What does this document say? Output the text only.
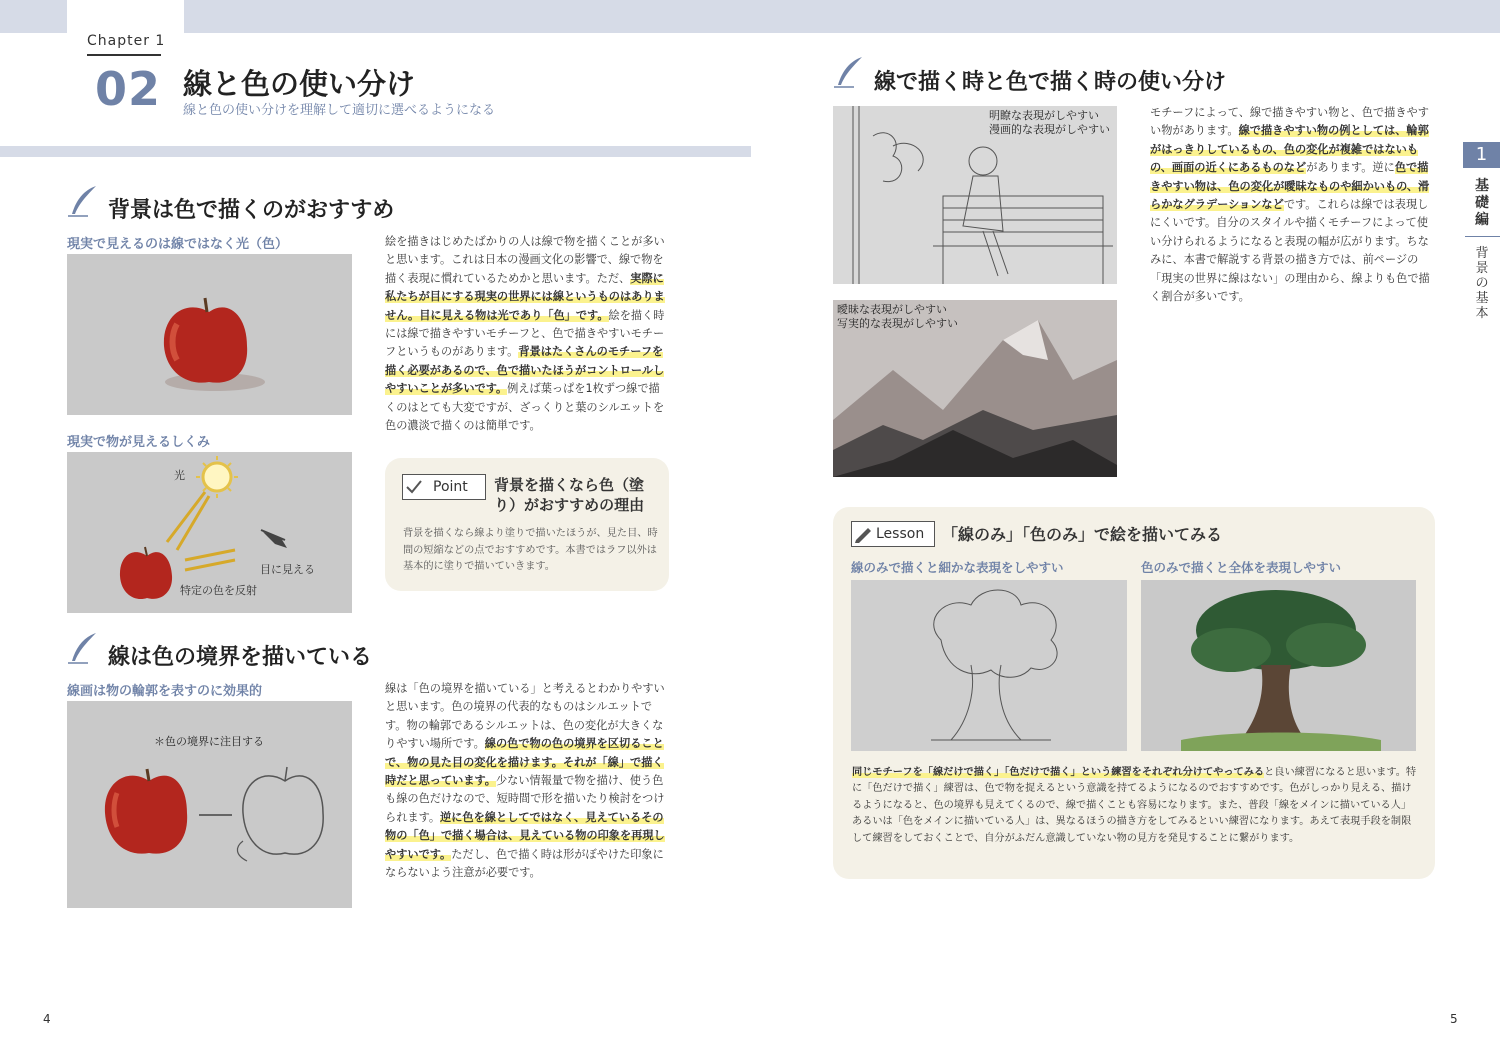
Chapter 1
02 線と色の使い分け
線と色の使い分けを理解して適切に選べるようになる
背景は色で描くのがおすすめ
現実で見えるのは線ではなく光（色）
現実で物が見えるしくみ
光
特定の色を反射
目に見える
絵を描きはじめたばかりの人は線で物を描くことが多いと思います。これは日本の漫画文化の影響で、線で物を描く表現に慣れているためかと思います。ただ、実際に私たちが目にする現実の世界には線というものはありません。目に見える物は光であり「色」です。絵を描く時には線で描きやすいモチーフと、色で描きやすいモチーフというものがあります。背景はたくさんのモチーフを描く必要があるので、色で描いたほうがコントロールしやすいことが多いです。例えば葉っぱを1枚ずつ線で描くのはとても大変ですが、ざっくりと葉のシルエットを色の濃淡で描くのは簡単です。
Point 背景を描くなら色（塗り）がおすすめの理由
背景を描くなら線より塗りで描いたほうが、見た目、時間の短縮などの点でおすすめです。本書ではラフ以外は基本的に塗りで描いていきます。
線は色の境界を描いている
線画は物の輪郭を表すのに効果的
＊色の境界に注目する
線は「色の境界を描いている」と考えるとわかりやすいと思います。色の境界の代表的なものはシルエットです。物の輪郭であるシルエットは、色の変化が大きくなりやすい場所です。線の色で物の色の境界を区切ることで、物の見た目の変化を描けます。それが「線」で描く時だと思っています。少ない情報量で物を描け、使う色も線の色だけなので、短時間で形を描いたり検討をつけられます。逆に色を線としてではなく、見えているその物の「色」で描く場合は、見えている物の印象を再現しやすいです。ただし、色で描く時は形がぼやけた印象にならないよう注意が必要です。
4
線で描く時と色で描く時の使い分け
明瞭な表現がしやすい
漫画的な表現がしやすい
曖昧な表現がしやすい
写実的な表現がしやすい
モチーフによって、線で描きやすい物と、色で描きやすい物があります。線で描きやすい物の例としては、輪郭がはっきりしているもの、色の変化が複雑ではないもの、画面の近くにあるものなどがあります。逆に色で描きやすい物は、色の変化が曖昧なものや細かいもの、滑らかなグラデーションなどです。これらは線では表現しにくいです。自分のスタイルや描くモチーフによって使い分けられるようになると表現の幅が広がります。ちなみに、本書で解説する背景の描き方では、前ページの「現実の世界に線はない」の理由から、線よりも色で描く割合が多いです。
Lesson 「線のみ」「色のみ」で絵を描いてみる
線のみで描くと細かな表現をしやすい	色のみで描くと全体を表現しやすい
同じモチーフを「線だけで描く」「色だけで描く」という練習をそれぞれ分けてやってみると良い練習になると思います。特に「色だけで描く」練習は、色で物を捉えるという意識を持てるようになるのでおすすめです。色がしっかり見える、描けるようになると、色の境界も見えてくるので、線で描くことも容易になります。また、普段「線をメインに描いている人」あるいは「色をメインに描いている人」は、異なるほうの描き方をしてみるといい練習になります。あえて表現手段を制限して練習をしておくことで、自分がふだん意識していない物の見方を発見することに繋がります。
1
基礎編
背景の基本
5
